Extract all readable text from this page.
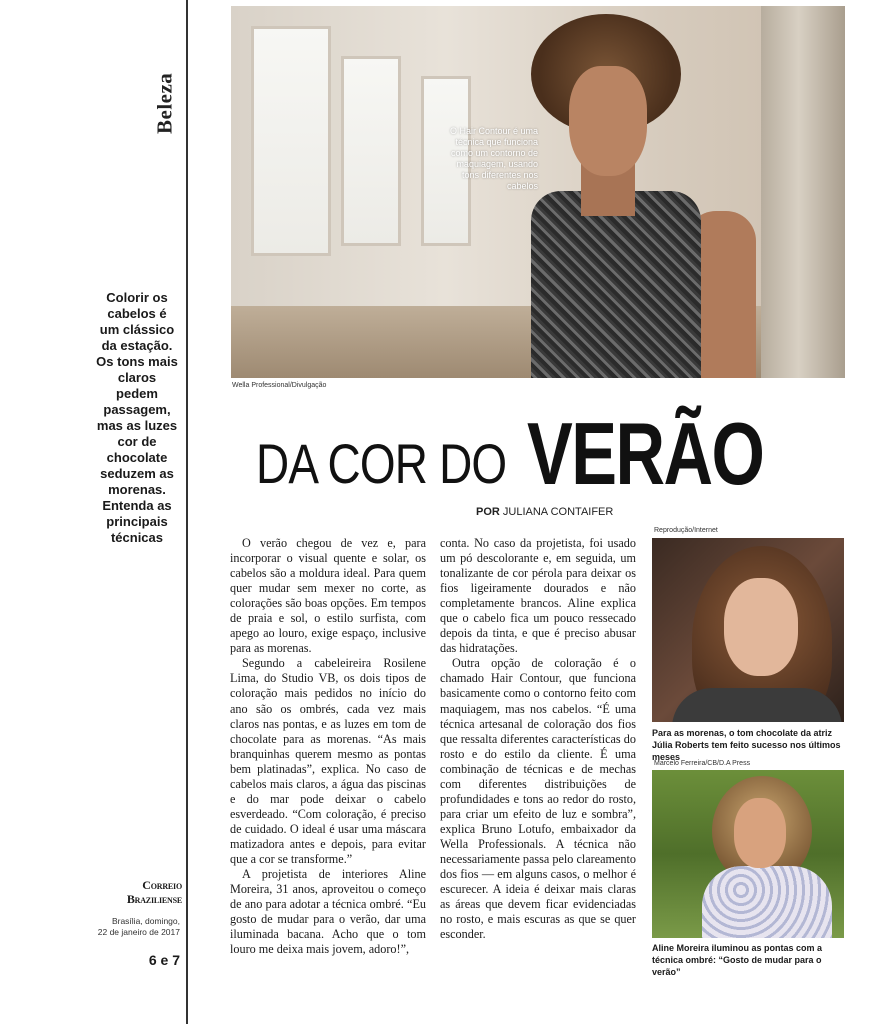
Beleza
Colorir os cabelos é um clássico da estação. Os tons mais claros pedem passagem, mas as luzes cor de chocolate seduzem as morenas. Entenda as principais técnicas
Correio
Braziliense
Brasília, domingo,
22 de janeiro de 2017
6 e 7
O Hair Contour é uma técnica que funciona como um contorno de maquiagem, usando tons diferentes nos cabelos
Wella Professional/Divulgação
DA COR DO VERÃO
POR JULIANA CONTAIFER

O verão chegou de vez e, para incorporar o visual quente e solar, os cabelos são a moldura ideal. Para quem quer mudar sem mexer no corte, as colorações são boas opções. Em tempos de praia e sol, o estilo surfista, com apego ao louro, exige espaço, inclusive para as morenas.

Segundo a cabeleireira Rosilene Lima, do Studio VB, os dois tipos de coloração mais pedidos no início do ano são os ombrés, cada vez mais claros nas pontas, e as luzes em tom de chocolate para as morenas. “As mais branquinhas querem mesmo as pontas bem platinadas”, explica. No caso de cabelos mais claros, a água das piscinas e do mar pode deixar o cabelo esverdeado. “Com coloração, é preciso de cuidado. O ideal é usar uma máscara matizadora antes e depois, para evitar que a cor se transforme.”

A projetista de interiores Aline Moreira, 31 anos, aproveitou o começo de ano para adotar a técnica ombré. “Eu gosto de mudar para o verão, dar uma iluminada bacana. Acho que o tom louro me deixa mais jovem, adoro!”,

conta. No caso da projetista, foi usado um pó descolorante e, em seguida, um tonalizante de cor pérola para deixar os fios ligeiramente dourados e não completamente brancos. Aline explica que o cabelo fica um pouco ressecado depois da tinta, e que é preciso abusar das hidratações.

Outra opção de coloração é o chamado Hair Contour, que funciona basicamente como o contorno feito com maquiagem, mas nos cabelos. “É uma técnica artesanal de coloração dos fios que ressalta diferentes características do rosto e do estilo da cliente. É uma combinação de técnicas e de mechas com diferentes distribuições de profundidades e tons ao redor do rosto, para criar um efeito de luz e sombra”, explica Bruno Lotufo, embaixador da Wella Professionals. A técnica não necessariamente passa pelo clareamento dos fios — em alguns casos, o melhor é escurecer. A ideia é deixar mais claras as áreas que devem ficar evidenciadas no rosto, e mais escuras as que se quer esconder.

Reprodução/Internet
Para as morenas, o tom chocolate da atriz Júlia Roberts tem feito sucesso nos últimos meses
Marcelo Ferreira/CB/D.A Press
Aline Moreira iluminou as pontas com a técnica ombré: “Gosto de mudar para o verão”
